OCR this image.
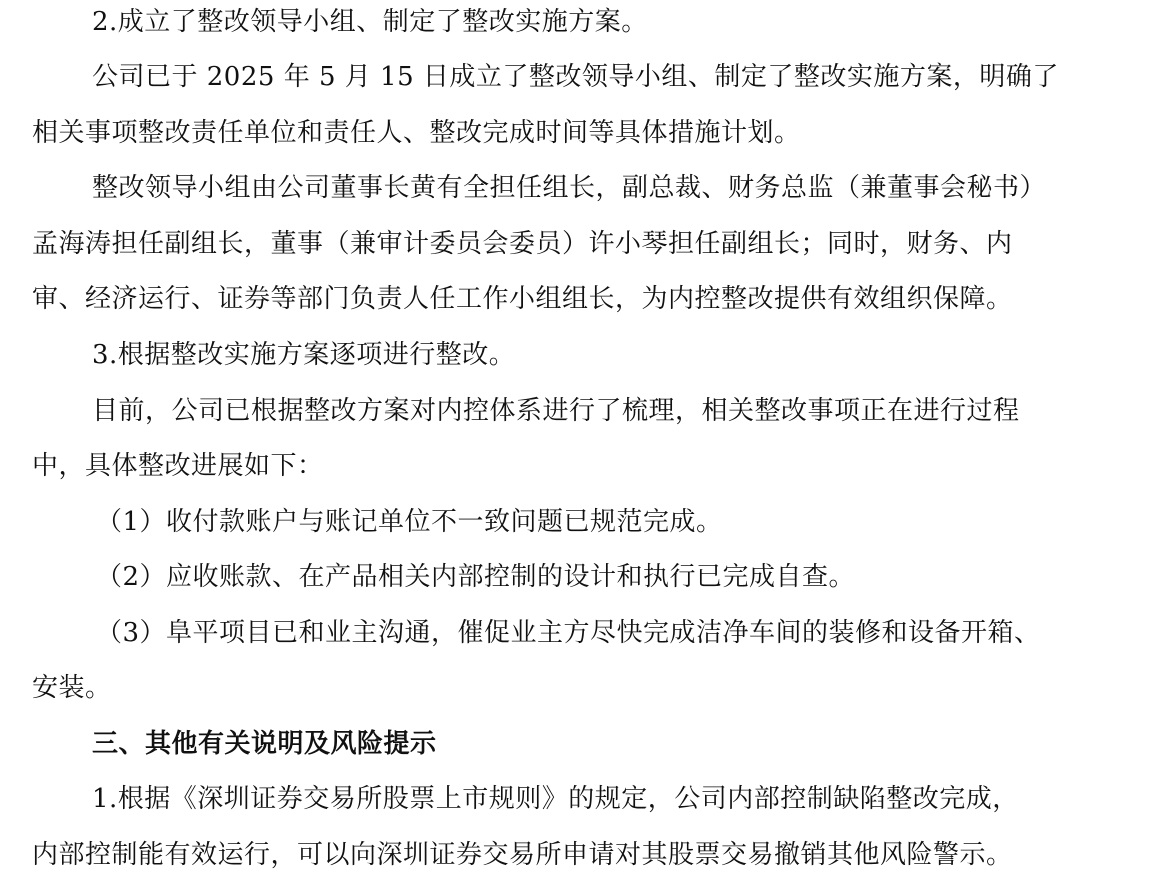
2.成立了整改领导小组、制定了整改实施方案。
公司已于 2025 年 5 月 15 日成立了整改领导小组、制定了整改实施方案，明确了
相关事项整改责任单位和责任人、整改完成时间等具体措施计划。
整改领导小组由公司董事长黄有全担任组长，副总裁、财务总监（兼董事会秘书）
孟海涛担任副组长，董事（兼审计委员会委员）许小琴担任副组长；同时，财务、内
审、经济运行、证券等部门负责人任工作小组组长，为内控整改提供有效组织保障。
3.根据整改实施方案逐项进行整改。
目前，公司已根据整改方案对内控体系进行了梳理，相关整改事项正在进行过程
中，具体整改进展如下：
（1）收付款账户与账记单位不一致问题已规范完成。
（2）应收账款、在产品相关内部控制的设计和执行已完成自查。
（3）阜平项目已和业主沟通，催促业主方尽快完成洁净车间的装修和设备开箱、
安装。
三、其他有关说明及风险提示
1.根据《深圳证券交易所股票上市规则》的规定，公司内部控制缺陷整改完成，
内部控制能有效运行，可以向深圳证券交易所申请对其股票交易撤销其他风险警示。
